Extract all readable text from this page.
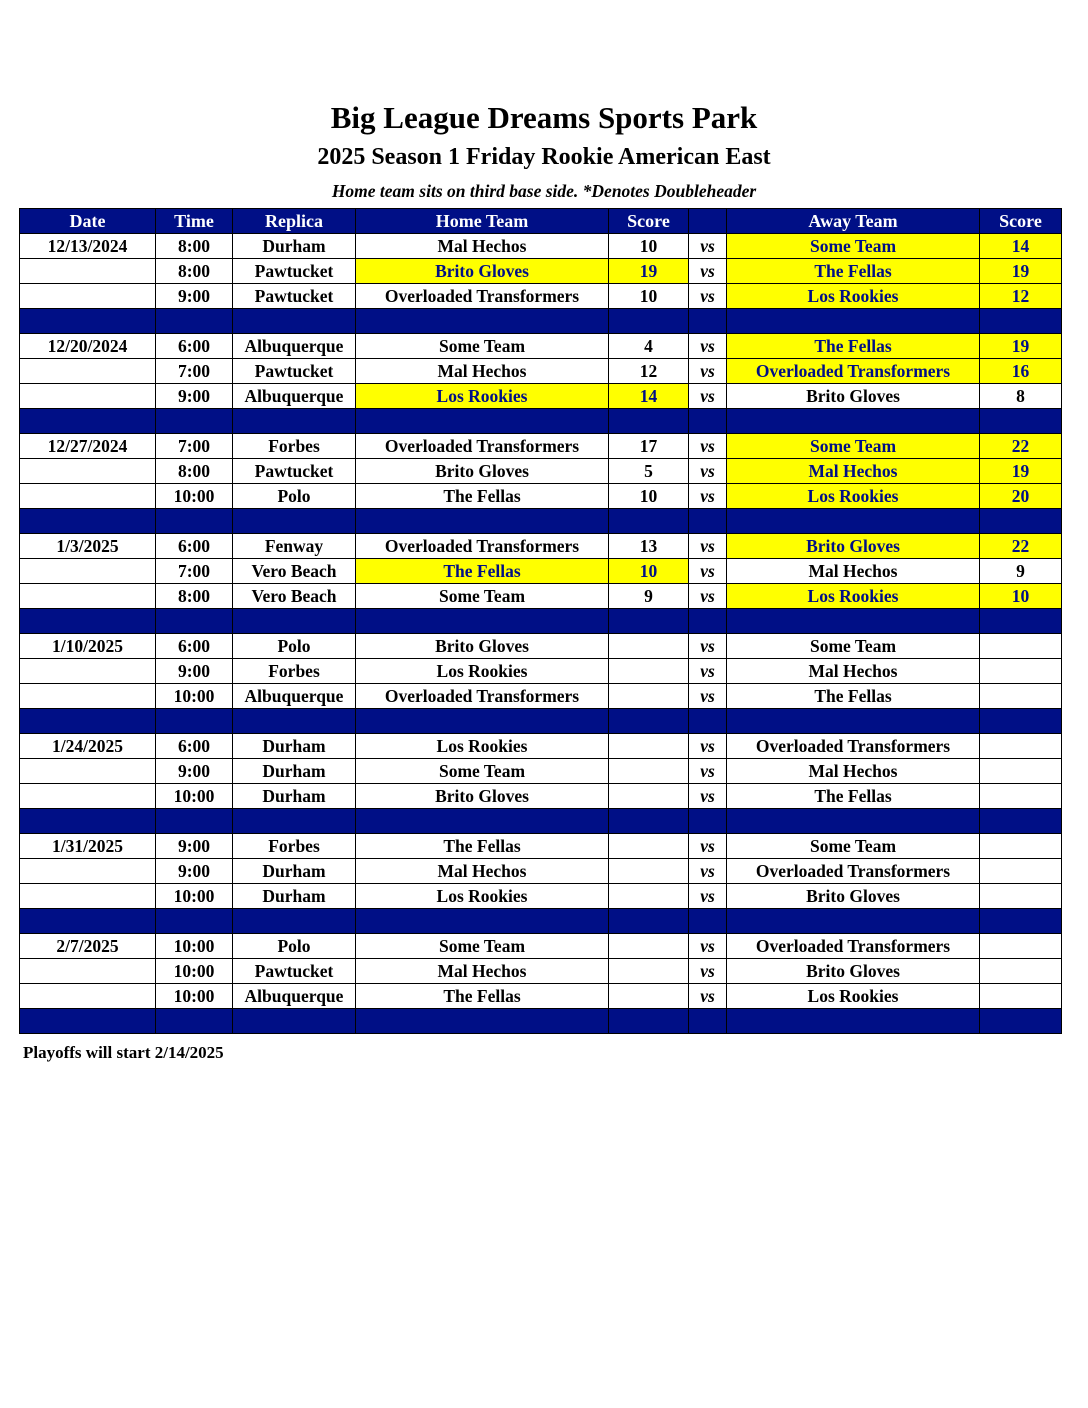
Big League Dreams Sports Park
2025 Season 1 Friday Rookie American East
Home team sits on third base side. *Denotes Doubleheader
Date	Time	Replica	Home Team	Score		Away Team	Score
12/13/2024	8:00	Durham	Mal Hechos	10	vs	Some Team	14
	8:00	Pawtucket	Brito Gloves	19	vs	The Fellas	19
	9:00	Pawtucket	Overloaded Transformers	10	vs	Los Rookies	12

12/20/2024	6:00	Albuquerque	Some Team	4	vs	The Fellas	19
	7:00	Pawtucket	Mal Hechos	12	vs	Overloaded Transformers	16
	9:00	Albuquerque	Los Rookies	14	vs	Brito Gloves	8

12/27/2024	7:00	Forbes	Overloaded Transformers	17	vs	Some Team	22
	8:00	Pawtucket	Brito Gloves	5	vs	Mal Hechos	19
	10:00	Polo	The Fellas	10	vs	Los Rookies	20

1/3/2025	6:00	Fenway	Overloaded Transformers	13	vs	Brito Gloves	22
	7:00	Vero Beach	The Fellas	10	vs	Mal Hechos	9
	8:00	Vero Beach	Some Team	9	vs	Los Rookies	10

1/10/2025	6:00	Polo	Brito Gloves		vs	Some Team	
	9:00	Forbes	Los Rookies		vs	Mal Hechos	
	10:00	Albuquerque	Overloaded Transformers		vs	The Fellas	

1/24/2025	6:00	Durham	Los Rookies		vs	Overloaded Transformers	
	9:00	Durham	Some Team		vs	Mal Hechos	
	10:00	Durham	Brito Gloves		vs	The Fellas	

1/31/2025	9:00	Forbes	The Fellas		vs	Some Team	
	9:00	Durham	Mal Hechos		vs	Overloaded Transformers	
	10:00	Durham	Los Rookies		vs	Brito Gloves	

2/7/2025	10:00	Polo	Some Team		vs	Overloaded Transformers	
	10:00	Pawtucket	Mal Hechos		vs	Brito Gloves	
	10:00	Albuquerque	The Fellas		vs	Los Rookies	

Playoffs will start 2/14/2025
